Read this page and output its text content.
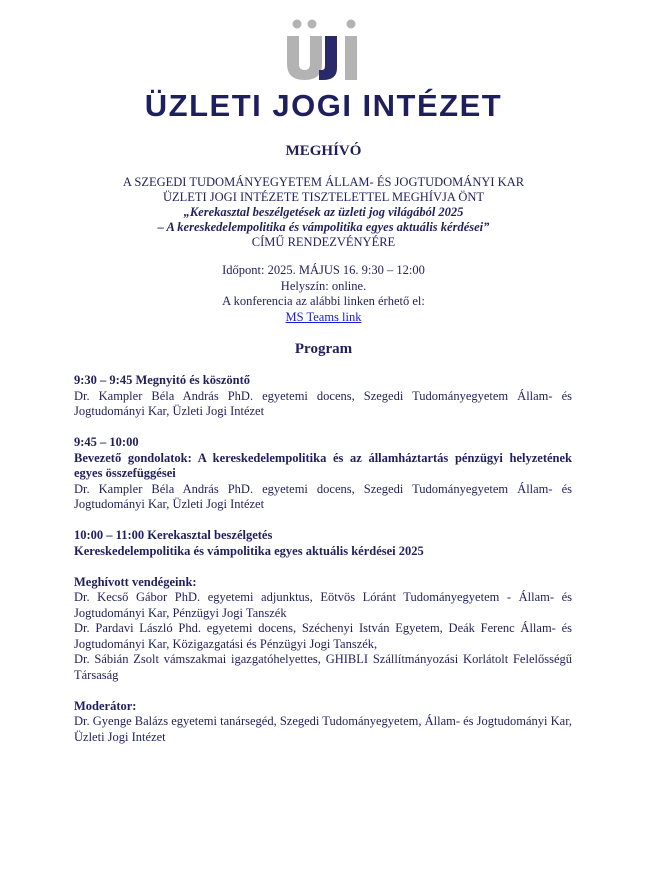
ÜZLETI JOGI INTÉZET
MEGHÍVÓ
A SZEGEDI TUDOMÁNYEGYETEM ÁLLAM- ÉS JOGTUDOMÁNYI KAR
ÜZLETI JOGI INTÉZETE TISZTELETTEL MEGHÍVJA ÖNT
„Kerekasztal beszélgetések az üzleti jog világából 2025
– A kereskedelempolitika és vámpolitika egyes aktuális kérdései”
CÍMŰ RENDEZVÉNYÉRE
Időpont: 2025. MÁJUS 16. 9:30 – 12:00
Helyszín: online.
A konferencia az alábbi linken érhető el:
MS Teams link
Program

9:30 – 9:45 Megnyitó és köszöntő

Dr. Kampler Béla András PhD. egyetemi docens, Szegedi Tudományegyetem Állam- és Jogtudományi Kar, Üzleti Jogi Intézet

9:45 – 10:00

Bevezető gondolatok: A kereskedelempolitika és az államháztartás pénzügyi helyzetének egyes összefüggései

Dr. Kampler Béla András PhD. egyetemi docens, Szegedi Tudományegyetem Állam- és Jogtudományi Kar, Üzleti Jogi Intézet

10:00 – 11:00 Kerekasztal beszélgetés

Kereskedelempolitika és vámpolitika egyes aktuális kérdései 2025

Meghívott vendégeink:

Dr. Kecső Gábor PhD. egyetemi adjunktus, Eötvös Lóránt Tudományegyetem - Állam- és Jogtudományi Kar, Pénzügyi Jogi Tanszék

Dr. Pardavi László Phd. egyetemi docens, Széchenyi István Egyetem, Deák Ferenc Állam- és Jogtudományi Kar, Közigazgatási és Pénzügyi Jogi Tanszék,

Dr. Sábián Zsolt vámszakmai igazgatóhelyettes, GHIBLI Szállítmányozási Korlátolt Felelősségű Társaság

Moderátor:

Dr. Gyenge Balázs egyetemi tanársegéd, Szegedi Tudományegyetem, Állam- és Jogtudományi Kar, Üzleti Jogi Intézet
